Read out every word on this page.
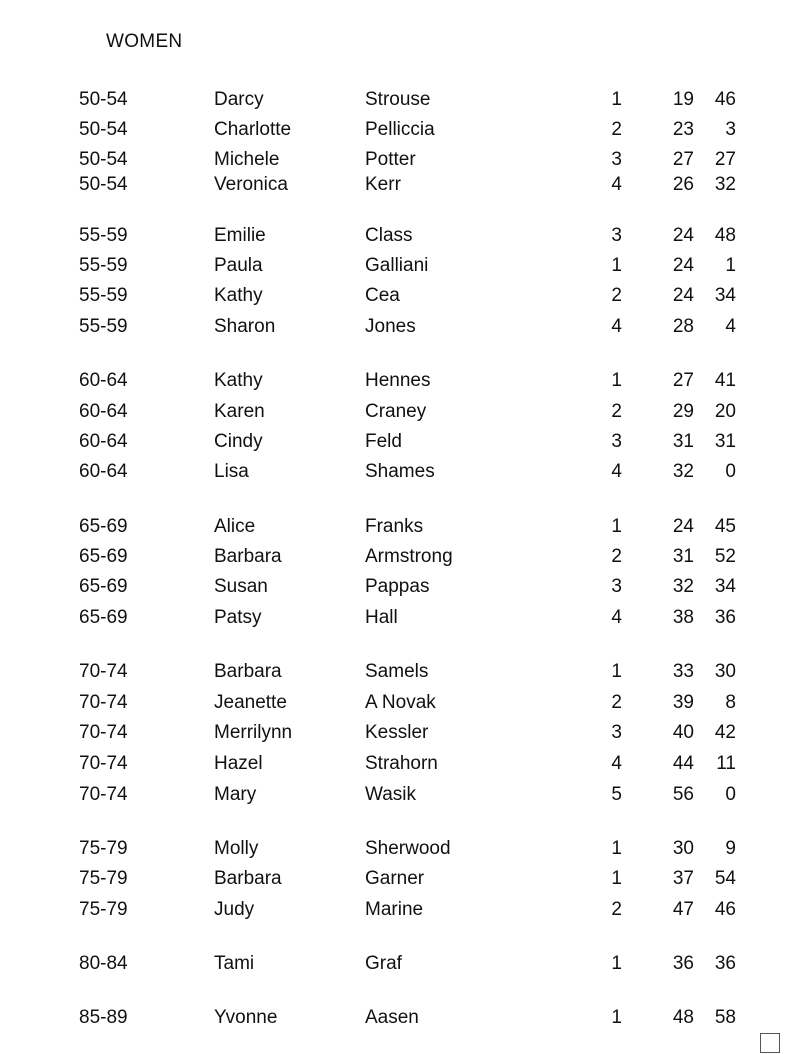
WOMEN
50-54	Darcy	Strouse	1	19	46
50-54	Charlotte	Pelliccia	2	23	3
50-54	Michele	Potter	3	27	27
50-54	Veronica	Kerr	4	26	32
55-59	Emilie	Class	3	24	48
55-59	Paula	Galliani	1	24	1
55-59	Kathy	Cea	2	24	34
55-59	Sharon	Jones	4	28	4
60-64	Kathy	Hennes	1	27	41
60-64	Karen	Craney	2	29	20
60-64	Cindy	Feld	3	31	31
60-64	Lisa	Shames	4	32	0
65-69	Alice	Franks	1	24	45
65-69	Barbara	Armstrong	2	31	52
65-69	Susan	Pappas	3	32	34
65-69	Patsy	Hall	4	38	36
70-74	Barbara	Samels	1	33	30
70-74	Jeanette	A Novak	2	39	8
70-74	Merrilynn	Kessler	3	40	42
70-74	Hazel	Strahorn	4	44	11
70-74	Mary	Wasik	5	56	0
75-79	Molly	Sherwood	1	30	9
75-79	Barbara	Garner	1	37	54
75-79	Judy	Marine	2	47	46
80-84	Tami	Graf	1	36	36
85-89	Yvonne	Aasen	1	48	58
